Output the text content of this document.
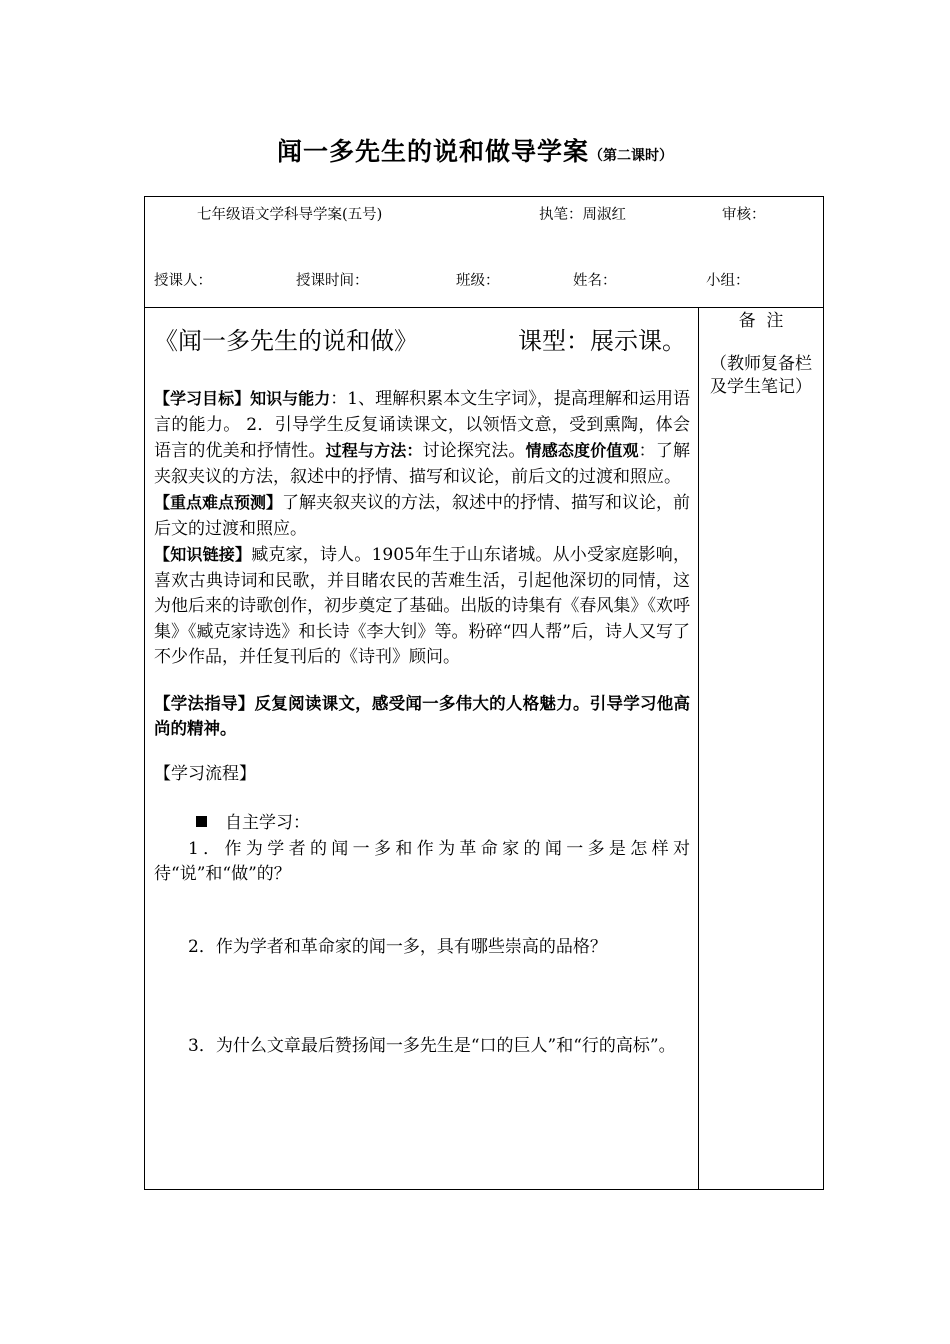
闻一多先生的说和做导学案（第二课时）
七年级语文学科导学案(五号)	执笔：周淑红	审核：
授课人：	授课时间：	班级：	姓名：	小组：

《闻一多先生的说和做》	课型：展示课。

【学习目标】知识与能力：1、理解积累本文生字词》，提高理解和运用语言的能力。 2．引导学生反复诵读课文，以领悟文意，受到熏陶，体会语言的优美和抒情性。过程与方法：讨论探究法。情感态度价值观：了解夹叙夹议的方法，叙述中的抒情、描写和议论，前后文的过渡和照应。

【重点难点预测】了解夹叙夹议的方法，叙述中的抒情、描写和议论，前后文的过渡和照应。

【知识链接】臧克家，诗人。1905年生于山东诸城。从小受家庭影响，喜欢古典诗词和民歌，并目睹农民的苦难生活，引起他深切的同情，这为他后来的诗歌创作，初步奠定了基础。出版的诗集有《春风集》《欢呼集》《臧克家诗选》和长诗《李大钊》等。粉碎“四人帮”后，诗人又写了不少作品，并任复刊后的《诗刊》顾问。

【学法指导】反复阅读课文，感受闻一多伟大的人格魅力。引导学习他高尚的精神。

【学习流程】

自主学习：

1．作为学者的闻一多和作为革命家的闻一多是怎样对待“说”和“做”的？

2．作为学者和革命家的闻一多，具有哪些崇高的品格？

3．为什么文章最后赞扬闻一多先生是“口的巨人”和“行的高标”。

备  注
（教师复备栏及学生笔记）
